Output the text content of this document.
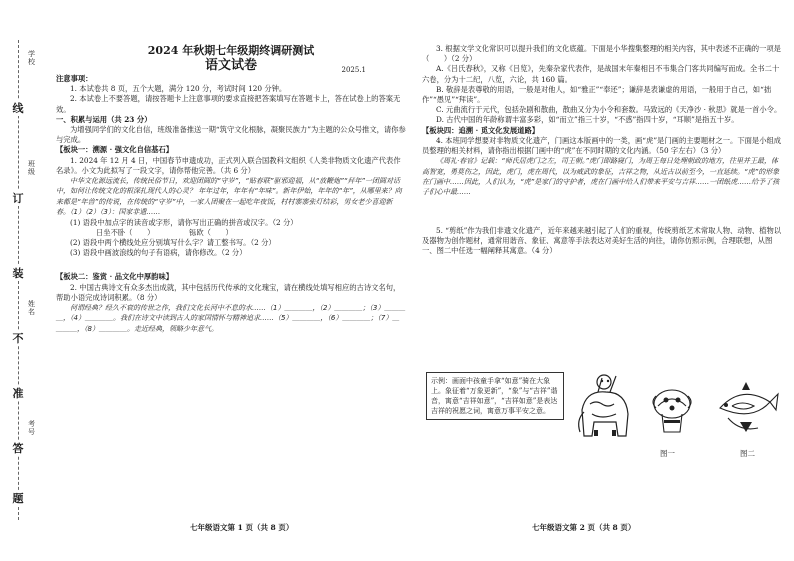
线
订
装
不
准
答
题
学校
班级
姓名
考号
2024 年秋期七年级期终调研测试
语文试卷	2025.1

注意事项：

1. 本试卷共 8 页，五个大题，满分 120 分，考试时间 120 分钟。

2. 本试卷上不要答题，请按答题卡上注意事项的要求直接把答案填写在答题卡上，答在试卷上的答案无效。

一、积累与运用（共 23 分）

为增强同学们的文化自信，班级准备推送一期“筑守文化根脉，凝聚民族力”为主题的公众号推文，请你参与完成。

【板块一：溯源 · 强文化自信基石】

1. 2024 年 12 月 4 日，中国春节申遗成功，正式列入联合国教科文组织《人类非物质文化遗产代表作名录》。小文为此拟写了一段文字，请你帮他完善。（共 6 分）

中华文化源远流长，传统民俗节日，欢迎团圆的“守岁”，“贴春联”驱邪迎福，从“放鞭炮”“拜年”一团圆对话中，如何让传统文化的根深扎现代人的心灵？ 年年过年，年年有“年味”。新年伊始，年年的“年”，从哪里来？向来都是“年兽”的传说，在传统的“守岁”中，一家人团聚在一起吃年夜饭，村村寨寨张灯结彩，男女老少喜迎新春。（1）（2）（3）：国家非遗……

(1) 语段中加点字的读音或字形，请你写出正确的拼音或汉字。（2 分）

日坐不卧（　　）	铄欧（　　）

(2) 语段中两个横线处应分别填写什么字？请工整书写。（2 分）

(3) 语段中画波浪线的句子有语病，请你修改。（2 分）

【板块二：鉴赏 · 品文化中厚韵味】

2. 中国古典诗文有众多杰出成就，其中包括历代传承的文化瑰宝，请在横线处填写相应的古诗文名句，帮助小语完成诗词积累。（8 分）

何谓经典？经久不衰的传世之作，我们文化长河中不息的水……（1）＿＿＿＿，（2）＿＿＿＿；（3）＿＿＿＿，（4）＿＿＿＿。我们在诗文中读到古人的家国情怀与精神追求……（5）＿＿＿＿，（6）＿＿＿＿；（7）＿＿＿＿，（8）＿＿＿＿。走近经典，领略少年意气。

七年级语文第 1 页（共 8 页）

3. 根据文学文化常识可以提升我们的文化底蕴。下面是小华搜集整理的相关内容，其中表述不正确的一项是（　　）（2 分）

A.《吕氏春秋》，又称《吕览》，先秦杂家代表作，是战国末年秦相吕不韦集合门客共同编写而成。全书二十六卷，分为十二纪，八览，六论，共 160 篇。

B. 敬辞是表尊敬的用语，一般是对他人，如“雅正”“奉还”；谦辞是表谦虚的用语，一般用于自己，如“拙作”“愚见”“拜读”。

C. 元曲流行于元代，包括杂剧和散曲，散曲又分为小令和套数。马致远的《天净沙 · 秋思》就是一首小令。

D. 古代中国的年龄称谓丰富多彩，如“而立”指三十岁，“不惑”指四十岁，“耳顺”是指五十岁。

【板块四：追溯 · 觅文化发展道路】

4. 本班同学想要对非物质文化遗产，门画这本版画中的一类，画“虎”是门画的主要题材之一。下面是小组成员整理的相关材料，请你指出根据门画中的“虎”在不同时期的文化内涵。（50 字左右）（3 分）

《周礼·春官》记载：“师氏居虎门之左，司王朝。”虎门即路寝门，为周王每日处理朝政的地方，往里并王最，体高智宽，勇莫伤之，因此，虎门，虎在周代，以为威武的象征，吉祥之物，从近古以前至今，一直延续。“虎”的形象在门画中……因此，人们认为，“虎”是家门的守护者，虎在门画中给人们带来平安与吉祥……一团纸虎……给予了孩子们心中最……

5. “剪纸”作为我们非遗文化遗产，近年来越来越引起了人们的重视，传统剪纸艺术常取人物、动物、植物以及器物为创作题材，通常用谐音、象征、寓意等手法表达对美好生活的向往，请你仿照示例，合理联想，从图一、图二中任选一幅阐释其寓意。（4 分）

示例：画面中孩童手拿“如意”骑在大象上。象征着“万象更新”，“象”与“吉祥”谐音，寓意“吉祥如意”，“吉祥如意”是表达吉祥的祝愿之词，寓意万事平安之意。
图一	图二
七年级语文第 2 页（共 8 页）
